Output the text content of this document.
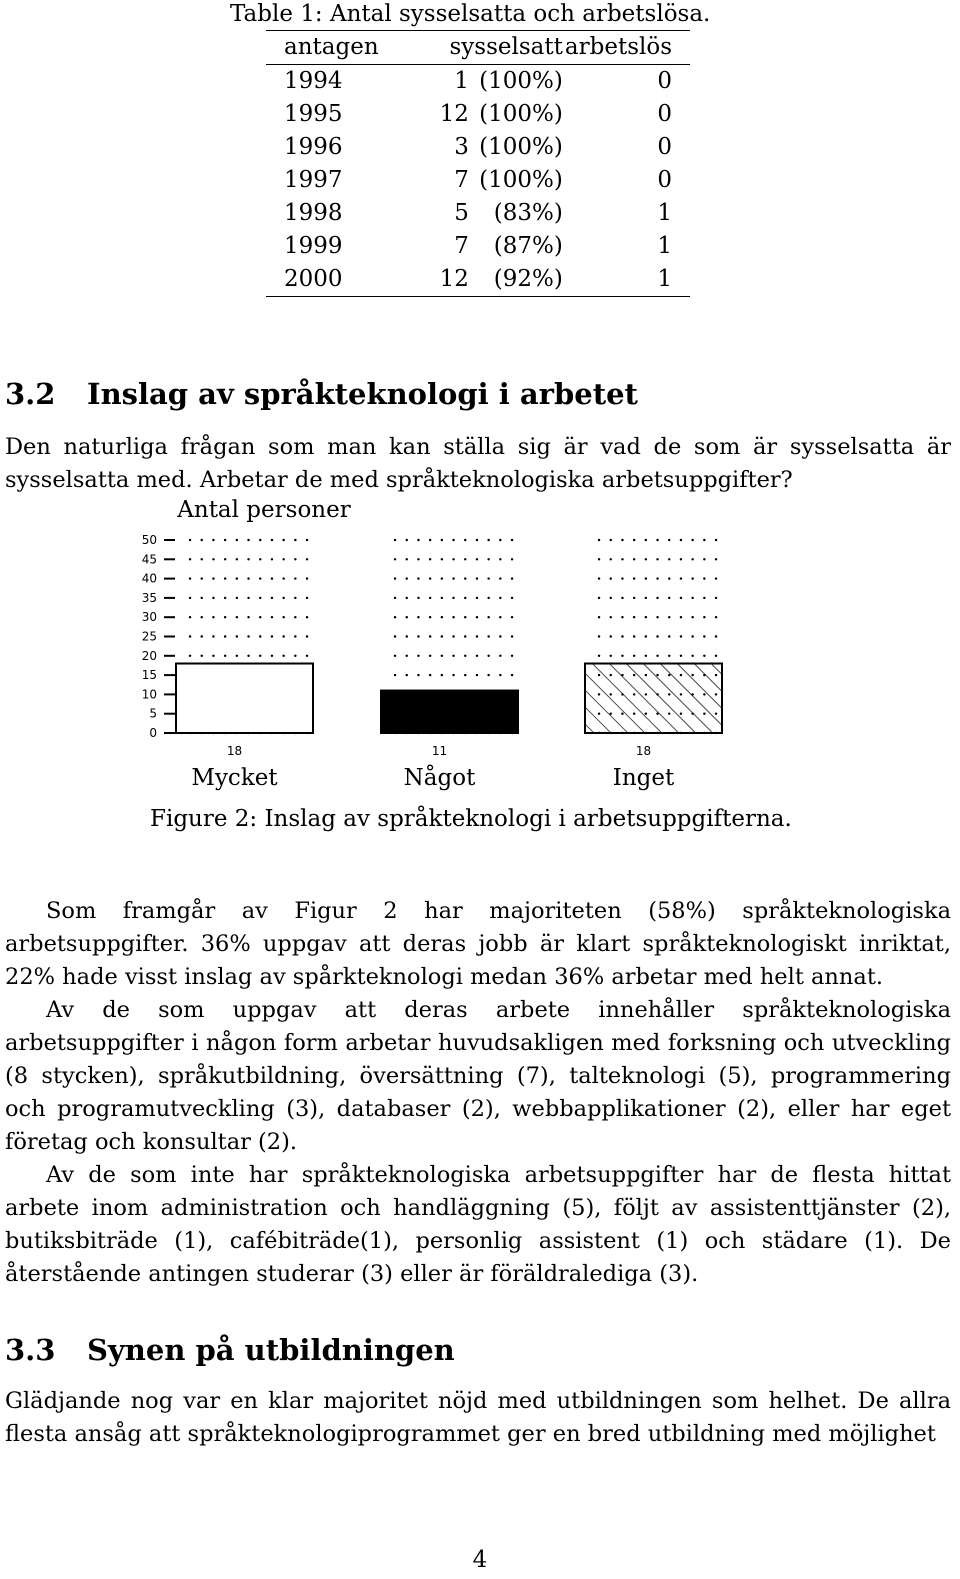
Table 1: Antal sysselsatta och arbetslösa.
antagen	sysselsatt	arbetslös
1994	1 (100%)	0
1995	12 (100%)	0
1996	3 (100%)	0
1997	7 (100%)	0
1998	5 (83%)	1
1999	7 (87%)	1
2000	12 (92%)	1
3.2 Inslag av språkteknologi i arbetet

Den naturliga frågan som man kan ställa sig är vad de som är sysselsatta är sysselsatta med. Arbetar de med språkteknologiska arbetsuppgifter?

Antal personer
0
5
10
15
20
25
30
35
40
45
50
18
Mycket
11
Något
18
Inget
Figure 2: Inslag av språkteknologi i arbetsuppgifterna.

Som framgår av Figur 2 har majoriteten (58%) språkteknologiska arbetsuppgifter. 36% uppgav att deras jobb är klart språkteknologiskt inriktat, 22% hade visst inslag av spårkteknologi medan 36% arbetar med helt annat.

Av de som uppgav att deras arbete innehåller språkteknologiska arbetsuppgifter i någon form arbetar huvudsakligen med forksning och utveckling (8 stycken), språkutbildning, översättning (7), talteknologi (5), programmering och programutveckling (3), databaser (2), webbapplikationer (2), eller har eget företag och konsultar (2).

Av de som inte har språkteknologiska arbetsuppgifter har de flesta hittat arbete inom administration och handläggning (5), följt av assistenttjänster (2), butiksbiträde (1), cafébiträde(1), personlig assistent (1) och städare (1). De återstående antingen studerar (3) eller är föräldralediga (3).

3.3 Synen på utbildningen

Glädjande nog var en klar majoritet nöjd med utbildningen som helhet. De allra flesta ansåg att språkteknologiprogrammet ger en bred utbildning med möjlighet

4
